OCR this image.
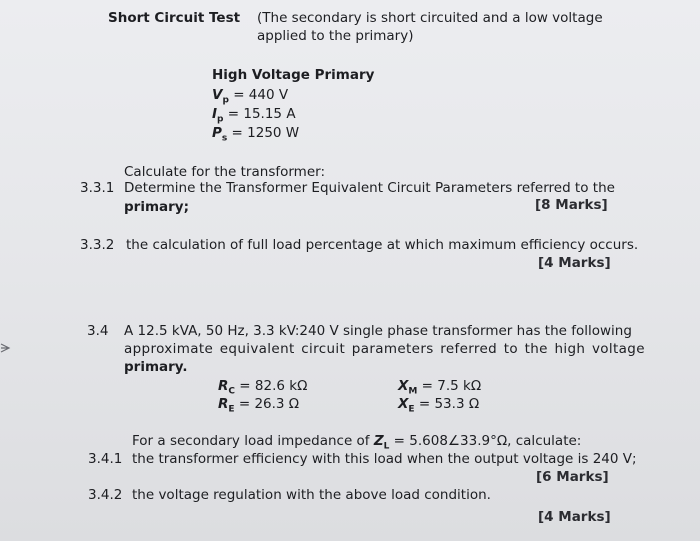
Short Circuit Test (The secondary is short circuited and a low voltage
applied to the primary)
High Voltage Primary
$V_p = 440$ V
$I_p = 15.15$ A
$P_s = 1250$ W
Calculate for the transformer:
3.3.1 Determine the Transformer Equivalent Circuit Parameters referred to the
primary;	[8 Marks]
3.3.2 the calculation of full load percentage at which maximum efficiency occurs.
[4 Marks]
3.4 A 12.5 kVA, 50 Hz, 3.3 kV:240 V single phase transformer has the following
approximate equivalent circuit parameters referred to the high voltage
primary.
$R_C = 82.6$ kΩ
$R_E = 26.3$ Ω
$X_M = 7.5$ kΩ
$X_E = 53.3$ Ω
For a secondary load impedance of $Z_L$ = 5.608∠33.9°Ω, calculate:
3.4.1 the transformer efficiency with this load when the output voltage is 240 V;
[6 Marks]
3.4.2 the voltage regulation with the above load condition.
[4 Marks]
